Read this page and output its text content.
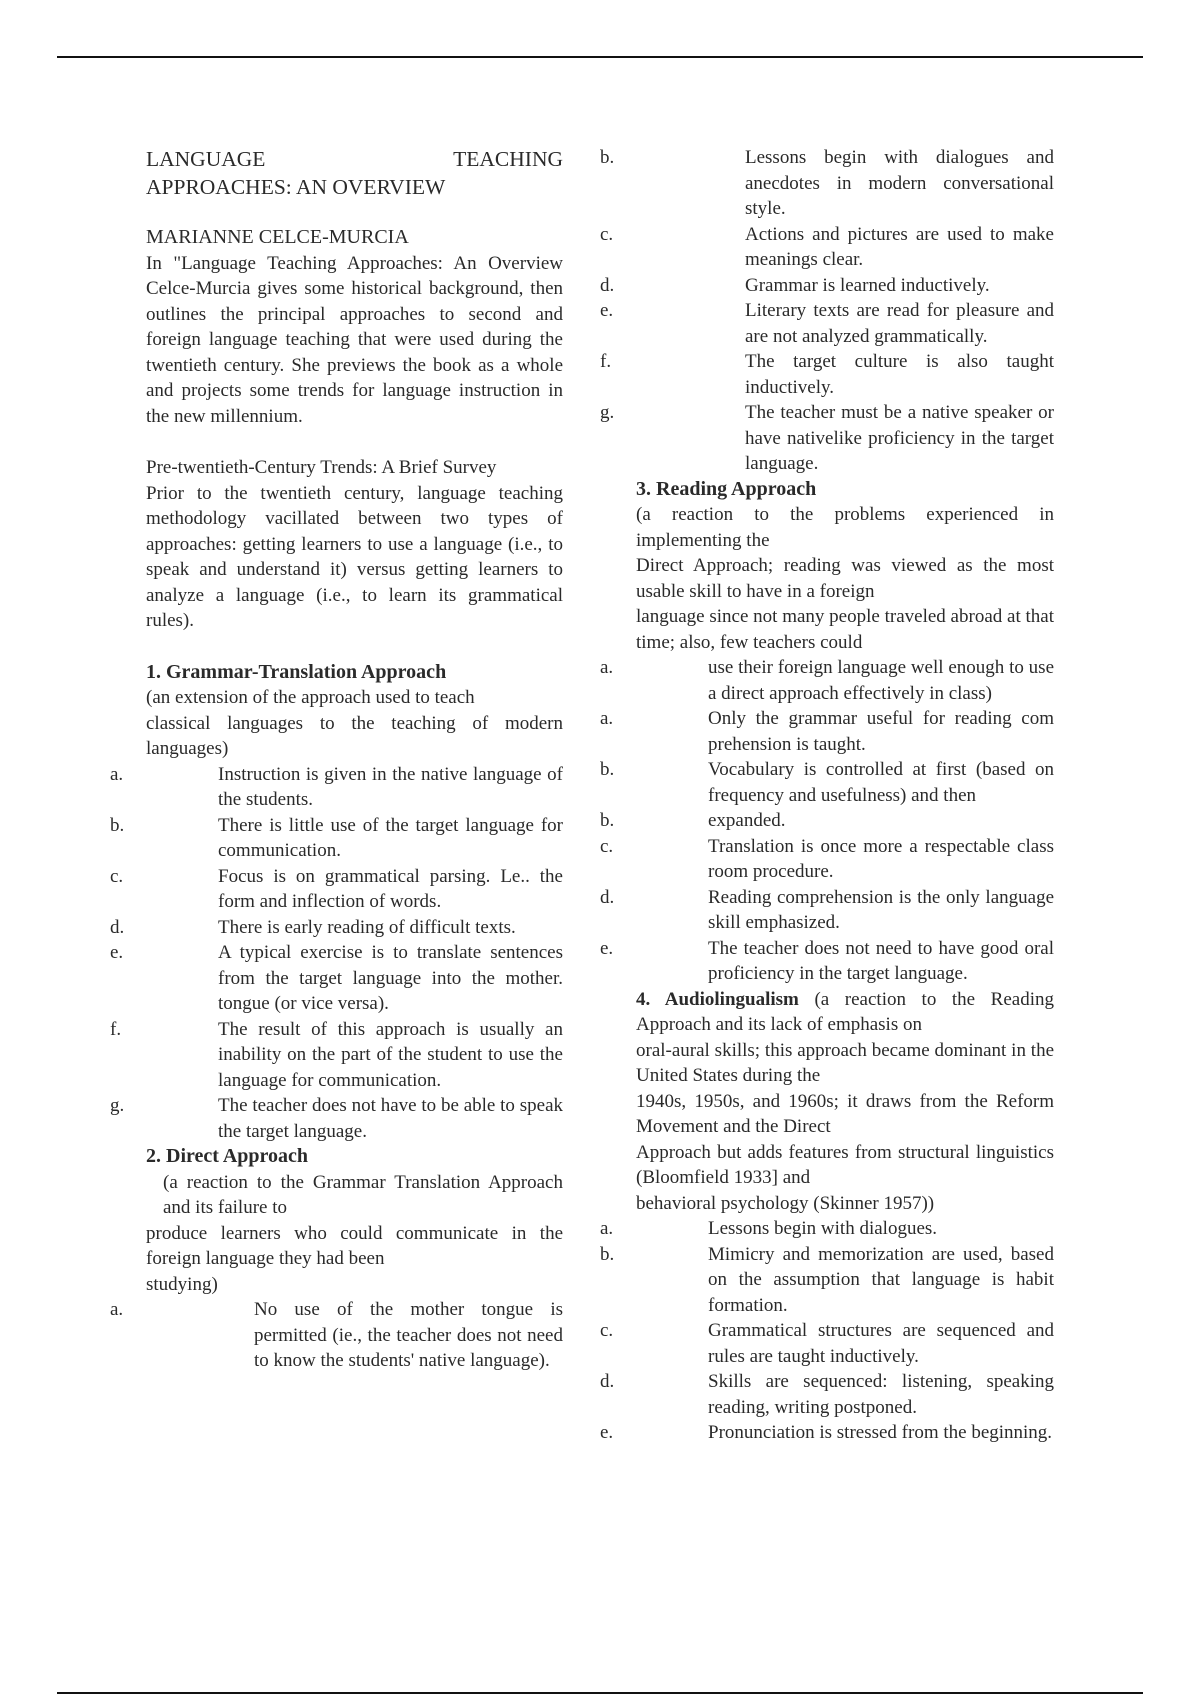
LANGUAGE	TEACHING
APPROACHES: AN OVERVIEW

MARIANNE CELCE-MURCIA

In "Language Teaching Approaches: An Overview Celce-Murcia gives some historical background, then outlines the principal approaches to second and foreign language teaching that were used during the twentieth century. She previews the book as a whole and projects some trends for language instruction in the new millennium.

Pre-twentieth-Century Trends: A Brief Survey

Prior to the twentieth century, language teaching methodology vacillated between two types of approaches: getting learners to use a language (i.e., to speak and understand it) versus getting learners to analyze a language (i.e., to learn its grammatical rules).

1. Grammar-Translation Approach

(an extension of the approach used to teach

classical languages to the teaching of modern languages)

a.	Instruction is given in the native language of the students.
b.	There is little use of the target language for communication.
c.	Focus is on grammatical parsing. Le.. the form and inflection of words.
d.	There is early reading of difficult texts.
e.	A typical exercise is to translate sentences from the target language into the mother. tongue (or vice versa).
f.	The result of this approach is usually an inability on the part of the student to use the language for communication.
g.	The teacher does not have to be able to speak the target language.

2. Direct Approach

(a reaction to the Grammar Translation Approach and its failure to

produce learners who could communicate in the foreign language they had been

studying)

a.	No use of the mother tongue is permitted (ie., the teacher does not need to know the students' native language).
b.	Lessons begin with dialogues and anecdotes in modern conversational style.
c.	Actions and pictures are used to make meanings clear.
d.	Grammar is learned inductively.
e.	Literary texts are read for pleasure and are not analyzed grammatically.
f.	The target culture is also taught inductively.
g.	The teacher must be a native speaker or have nativelike proficiency in the target language.

3. Reading Approach

(a reaction to the problems experienced in implementing the

Direct Approach; reading was viewed as the most usable skill to have in a foreign

language since not many people traveled abroad at that time; also, few teachers could

a.	use their foreign language well enough to use a direct approach effectively in class)
a.	Only the grammar useful for reading com prehension is taught.
b.	Vocabulary is controlled at first (based on frequency and usefulness) and then
b.	expanded.
c.	Translation is once more a respectable class room procedure.
d.	Reading comprehension is the only language skill emphasized.
e.	The teacher does not need to have good oral proficiency in the target language.

4. Audiolingualism (a reaction to the Reading Approach and its lack of emphasis on

oral-aural skills; this approach became dominant in the United States during the

1940s, 1950s, and 1960s; it draws from the Reform Movement and the Direct

Approach but adds features from structural linguistics (Bloomfield 1933] and

behavioral psychology (Skinner 1957))

a.	Lessons begin with dialogues.
b.	Mimicry and memorization are used, based on the assumption that language is habit formation.
c.	Grammatical structures are sequenced and rules are taught inductively.
d.	Skills are sequenced: listening, speaking reading, writing postponed.
e.	Pronunciation is stressed from the beginning.
